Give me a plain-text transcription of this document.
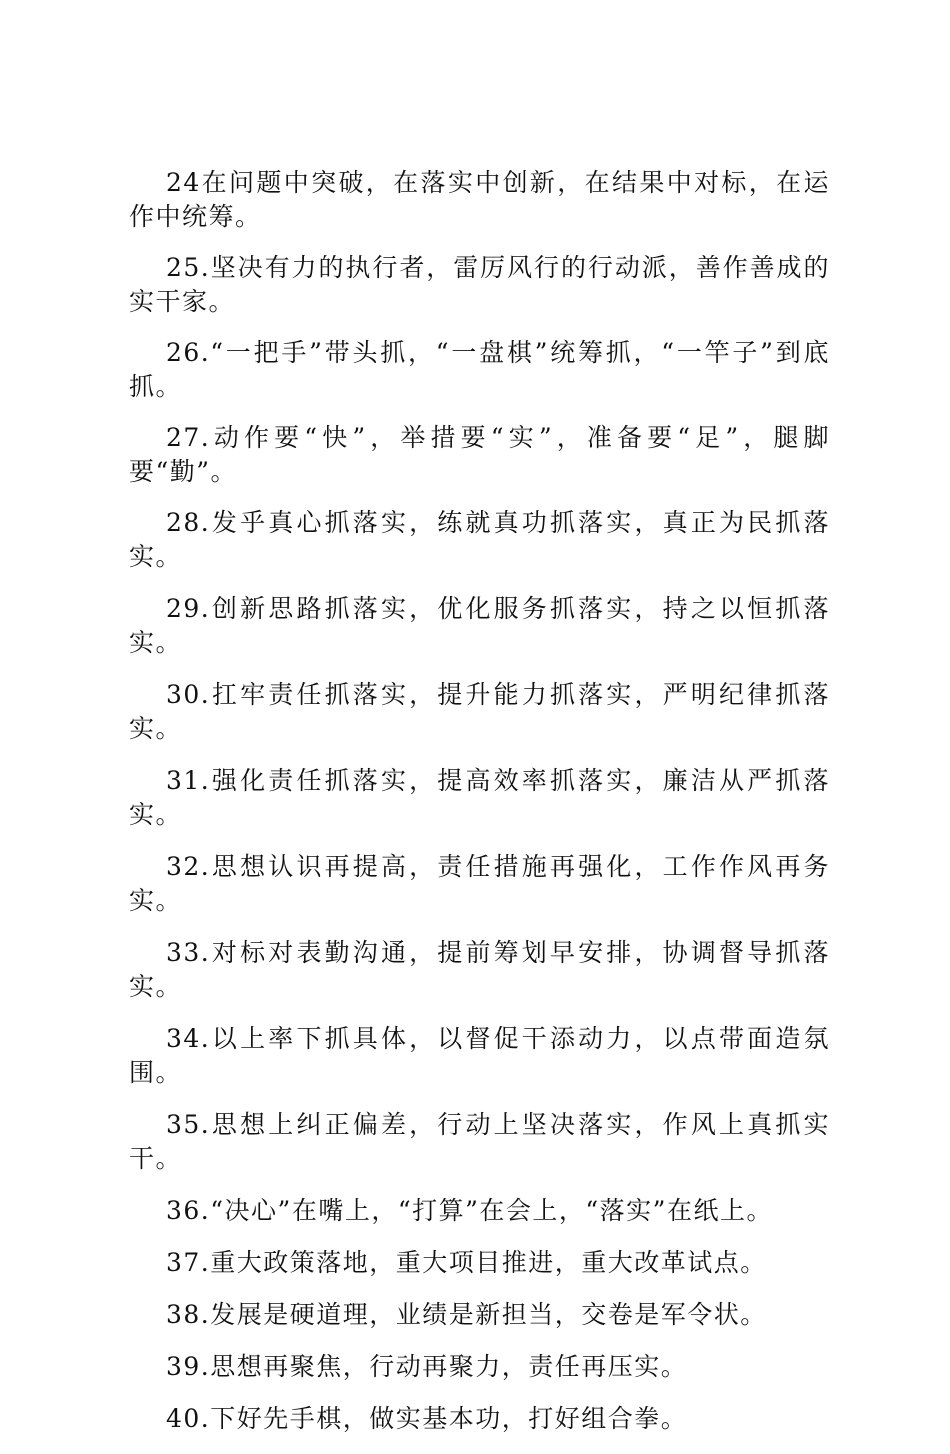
24在问题中突破，在落实中创新，在结果中对标，在运作中统筹。

25.坚决有力的执行者，雷厉风行的行动派，善作善成的实干家。

26.“一把手”带头抓，“一盘棋”统筹抓，“一竿子”到底抓。

27.动作要“快”，举措要“实”，准备要“足”，腿脚要“勤”。

28.发乎真心抓落实，练就真功抓落实，真正为民抓落实。

29.创新思路抓落实，优化服务抓落实，持之以恒抓落实。

30.扛牢责任抓落实，提升能力抓落实，严明纪律抓落实。

31.强化责任抓落实，提高效率抓落实，廉洁从严抓落实。

32.思想认识再提高，责任措施再强化，工作作风再务实。

33.对标对表勤沟通，提前筹划早安排，协调督导抓落实。

34.以上率下抓具体，以督促干添动力，以点带面造氛围。

35.思想上纠正偏差，行动上坚决落实，作风上真抓实干。

36.“决心”在嘴上，“打算”在会上，“落实”在纸上。

37.重大政策落地，重大项目推进，重大改革试点。

38.发展是硬道理，业绩是新担当，交卷是军令状。

39.思想再聚焦，行动再聚力，责任再压实。

40.下好先手棋，做实基本功，打好组合拳。
